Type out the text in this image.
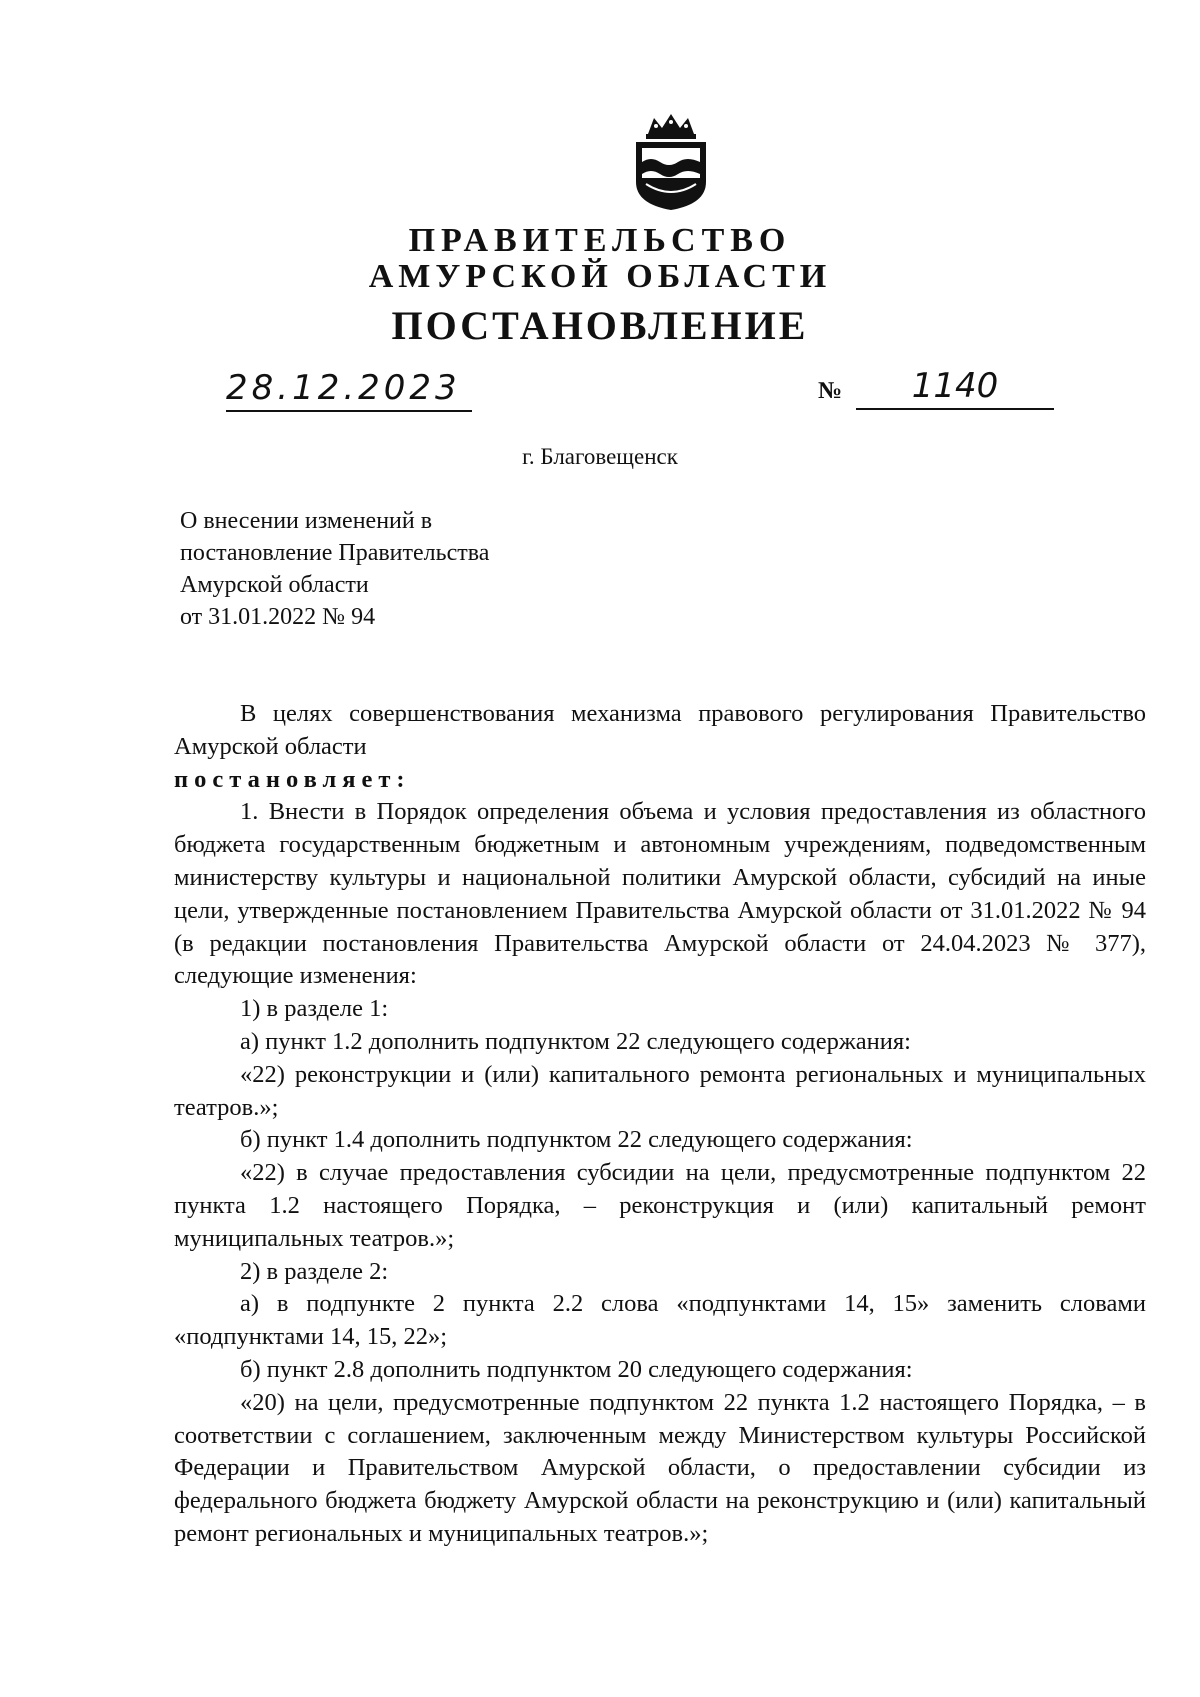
ПРАВИТЕЛЬСТВО
АМУРСКОЙ ОБЛАСТИ
ПОСТАНОВЛЕНИЕ
28.12.2023	№	1140
г. Благовещенск
О внесении изменений в
постановление Правительства
Амурской области
от 31.01.2022 № 94

В целях совершенствования механизма правового регулирования Правительство Амурской области

постановляет:

1. Внести в Порядок определения объема и условия предоставления из областного бюджета государственным бюджетным и автономным учреждениям, подведомственным министерству культуры и национальной политики Амурской области, субсидий на иные цели, утвержденные постановлением Правительства Амурской области от 31.01.2022 № 94 (в редакции постановления Правительства Амурской области от 24.04.2023 № 377), следующие изменения:

1) в разделе 1:

а) пункт 1.2 дополнить подпунктом 22 следующего содержания:

«22) реконструкции и (или) капитального ремонта региональных и муниципальных театров.»;

б) пункт 1.4 дополнить подпунктом 22 следующего содержания:

«22) в случае предоставления субсидии на цели, предусмотренные подпунктом 22 пункта 1.2 настоящего Порядка, – реконструкция и (или) капитальный ремонт муниципальных театров.»;

2) в разделе 2:

а) в подпункте 2 пункта 2.2 слова «подпунктами 14, 15» заменить словами «подпунктами 14, 15, 22»;

б) пункт 2.8 дополнить подпунктом 20 следующего содержания:

«20) на цели, предусмотренные подпунктом 22 пункта 1.2 настоящего Порядка, – в соответствии с соглашением, заключенным между Министерством культуры Российской Федерации и Правительством Амурской области, о предоставлении субсидии из федерального бюджета бюджету Амурской области на реконструкцию и (или) капитальный ремонт региональных и муниципальных театров.»;
